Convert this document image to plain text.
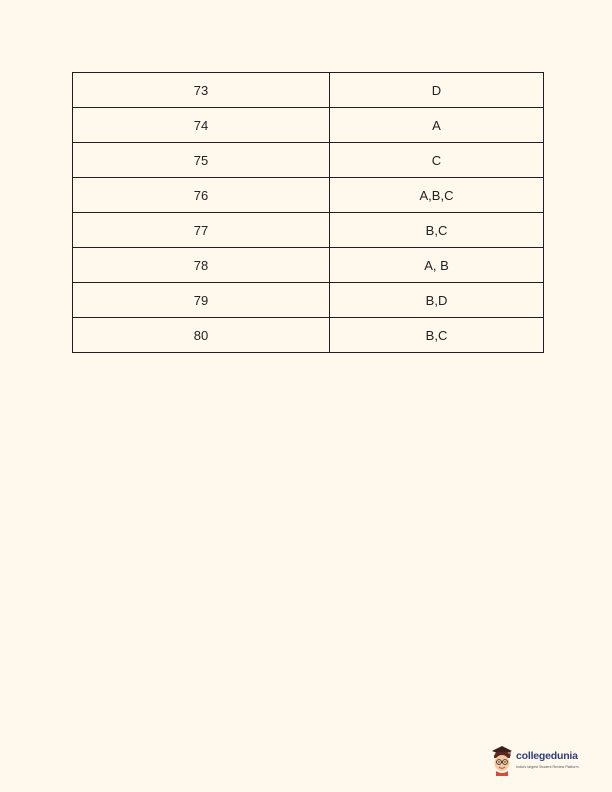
73	D
74	A
75	C
76	A,B,C
77	B,C
78	A, B
79	B,D
80	B,C
collegedunia
India's largest Student Review Platform
